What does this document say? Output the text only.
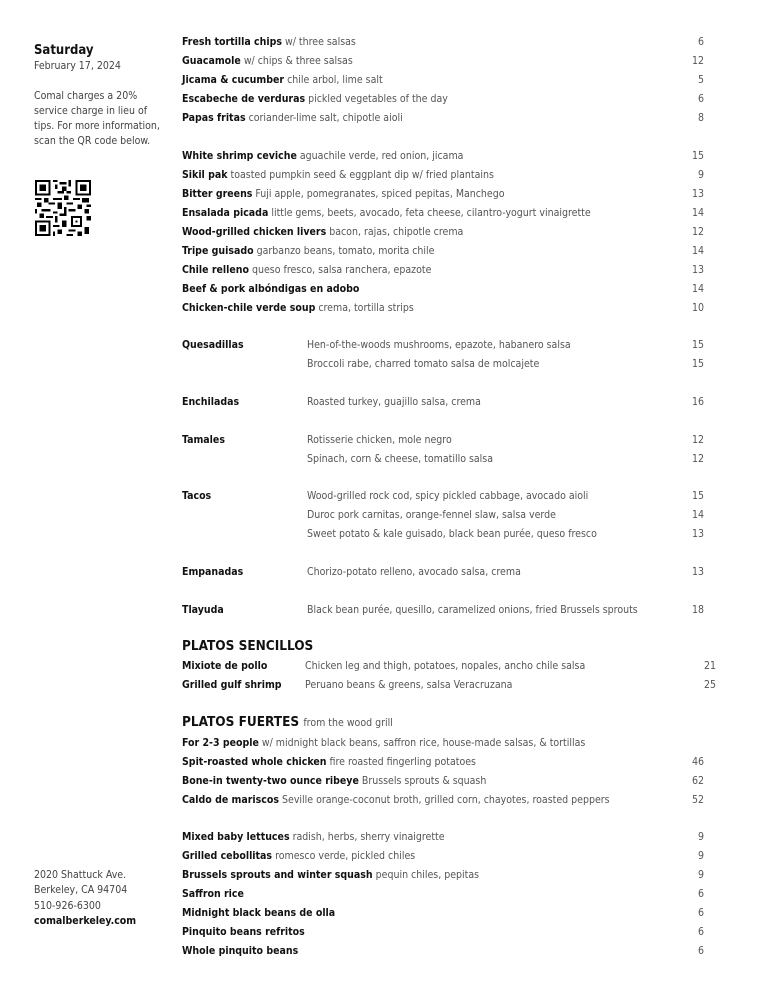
Saturday
February 17, 2024
Comal charges a 20% service charge in lieu of tips. For more information, scan the QR code below.
2020 Shattuck Ave.
Berkeley, CA 94704
510-926-6300
comalberkeley.com
Fresh tortilla chips w/ three salsas	6
Guacamole w/ chips & three salsas	12
Jicama & cucumber chile arbol, lime salt	5
Escabeche de verduras pickled vegetables of the day	6
Papas fritas coriander-lime salt, chipotle aioli	8
White shrimp ceviche aguachile verde, red onion, jicama	15
Sikil pak toasted pumpkin seed & eggplant dip w/ fried plantains	9
Bitter greens Fuji apple, pomegranates, spiced pepitas, Manchego	13
Ensalada picada little gems, beets, avocado, feta cheese, cilantro-yogurt vinaigrette	14
Wood-grilled chicken livers bacon, rajas, chipotle crema	12
Tripe guisado garbanzo beans, tomato, morita chile	14
Chile relleno queso fresco, salsa ranchera, epazote	13
Beef & pork albóndigas en adobo	14
Chicken-chile verde soup crema, tortilla strips	10
Quesadillas	Hen-of-the-woods mushrooms, epazote, habanero salsa	15
Broccoli rabe, charred tomato salsa de molcajete	15
Enchiladas	Roasted turkey, guajillo salsa, crema	16
Tamales	Rotisserie chicken, mole negro	12
Spinach, corn & cheese, tomatillo salsa	12
Tacos	Wood-grilled rock cod, spicy pickled cabbage, avocado aioli	15
Duroc pork carnitas, orange-fennel slaw, salsa verde	14
Sweet potato & kale guisado, black bean purée, queso fresco	13
Empanadas	Chorizo-potato relleno, avocado salsa, crema	13
Tlayuda	Black bean purée, quesillo, caramelized onions, fried Brussels sprouts	18
PLATOS SENCILLOS
Mixiote de pollo	Chicken leg and thigh, potatoes, nopales, ancho chile salsa	21
Grilled gulf shrimp Peruano beans & greens, salsa Veracruzana	25
PLATOS FUERTES from the wood grill
For 2-3 people w/ midnight black beans, saffron rice, house-made salsas, & tortillas
Spit-roasted whole chicken fire roasted fingerling potatoes	46
Bone-in twenty-two ounce ribeye Brussels sprouts & squash	62
Caldo de mariscos Seville orange-coconut broth, grilled corn, chayotes, roasted peppers	52
Mixed baby lettuces radish, herbs, sherry vinaigrette	9
Grilled cebollitas romesco verde, pickled chiles	9
Brussels sprouts and winter squash pequin chiles, pepitas	9
Saffron rice	6
Midnight black beans de olla	6
Pinquito beans refritos	6
Whole pinquito beans	6
